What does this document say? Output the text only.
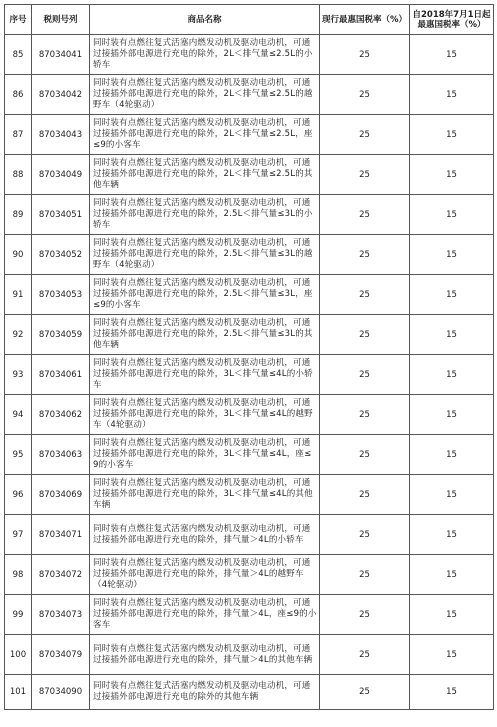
序号	税则号列	商品名称	现行最惠国税率（%）	自2018年7月1日起最惠国税率（%）
85	87034041	同时装有点燃往复式活塞内燃发动机及驱动电动机，可通过接插外部电源进行充电的除外，2L＜排气量≤2.5L的小轿车	25	15
86	87034042	同时装有点燃往复式活塞内燃发动机及驱动电动机，可通过接插外部电源进行充电的除外，2L＜排气量≤2.5L的越野车（4轮驱动）	25	15
87	87034043	同时装有点燃往复式活塞内燃发动机及驱动电动机，可通过接插外部电源进行充电的除外，2L＜排气量≤2.5L，座≤9的小客车	25	15
88	87034049	同时装有点燃往复式活塞内燃发动机及驱动电动机，可通过接插外部电源进行充电的除外，2L＜排气量≤2.5L的其他车辆	25	15
89	87034051	同时装有点燃往复式活塞内燃发动机及驱动电动机，可通过接插外部电源进行充电的除外，2.5L＜排气量≤3L的小轿车	25	15
90	87034052	同时装有点燃往复式活塞内燃发动机及驱动电动机，可通过接插外部电源进行充电的除外，2.5L＜排气量≤3L的越野车（4轮驱动）	25	15
91	87034053	同时装有点燃往复式活塞内燃发动机及驱动电动机，可通过接插外部电源进行充电的除外，2.5L＜排气量≤3L，座≤9的小客车	25	15
92	87034059	同时装有点燃往复式活塞内燃发动机及驱动电动机，可通过接插外部电源进行充电的除外，2.5L＜排气量≤3L的其他车辆	25	15
93	87034061	同时装有点燃往复式活塞内燃发动机及驱动电动机，可通过接插外部电源进行充电的除外，3L＜排气量≤4L的小轿车	25	15
94	87034062	同时装有点燃往复式活塞内燃发动机及驱动电动机，可通过接插外部电源进行充电的除外，3L＜排气量≤4L的越野车（4轮驱动）	25	15
95	87034063	同时装有点燃往复式活塞内燃发动机及驱动电动机，可通过接插外部电源进行充电的除外，3L＜排气量≤4L，座≤9的小客车	25	15
96	87034069	同时装有点燃往复式活塞内燃发动机及驱动电动机，可通过接插外部电源进行充电的除外，3L＜排气量≤4L的其他车辆	25	15
97	87034071	同时装有点燃往复式活塞内燃发动机及驱动电动机，可通过接插外部电源进行充电的除外，排气量＞4L的小轿车	25	15
98	87034072	同时装有点燃往复式活塞内燃发动机及驱动电动机，可通过接插外部电源进行充电的除外，排气量＞4L的越野车（4轮驱动）	25	15
99	87034073	同时装有点燃往复式活塞内燃发动机及驱动电动机，可通过接插外部电源进行充电的除外，排气量＞4L，座≤9的小客车	25	15
100	87034079	同时装有点燃往复式活塞内燃发动机及驱动电动机，可通过接插外部电源进行充电的除外，排气量＞4L的其他车辆	25	15
101	87034090	同时装有点燃往复式活塞内燃发动机及驱动电动机，可通过接插外部电源进行充电的除外的其他车辆	25	15
